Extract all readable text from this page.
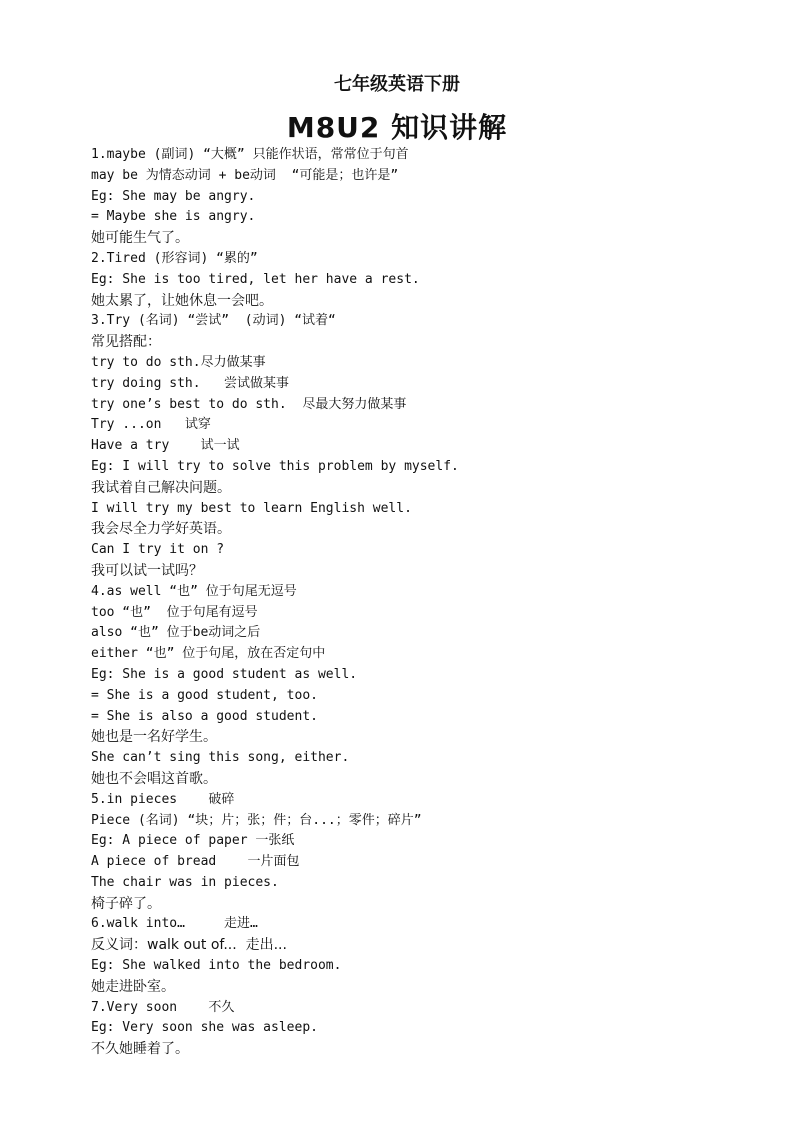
七年级英语下册
M8U2 知识讲解
1.maybe (副词) “大概” 只能作状语，常常位于句首
may be 为情态动词 + be动词  “可能是；也许是”
Eg: She may be angry.
= Maybe she is angry.
她可能生气了。
2.Tired (形容词) “累的”
Eg: She is too tired, let her have a rest.
她太累了，让她休息一会吧。
3.Try (名词) “尝试”  (动词) “试着“
常见搭配：
try to do sth.尽力做某事
try doing sth.   尝试做某事
try one’s best to do sth.  尽最大努力做某事
Try ...on   试穿
Have a try    试一试
Eg: I will try to solve this problem by myself.
我试着自己解决问题。
I will try my best to learn English well.
我会尽全力学好英语。
Can I try it on ?
我可以试一试吗？
4.as well “也” 位于句尾无逗号
too “也”  位于句尾有逗号
also “也” 位于be动词之后
either “也” 位于句尾，放在否定句中
Eg: She is a good student as well.
= She is a good student, too.
= She is also a good student.
她也是一名好学生。
She can’t sing this song, either.
她也不会唱这首歌。
5.in pieces    破碎
Piece (名词) “块；片；张；件；台...；零件；碎片”
Eg: A piece of paper 一张纸
A piece of bread    一片面包
The chair was in pieces.
椅子碎了。
6.walk into…     走进…
反义词：walk out of...  走出...
Eg: She walked into the bedroom.
她走进卧室。
7.Very soon    不久
Eg: Very soon she was asleep.
不久她睡着了。
